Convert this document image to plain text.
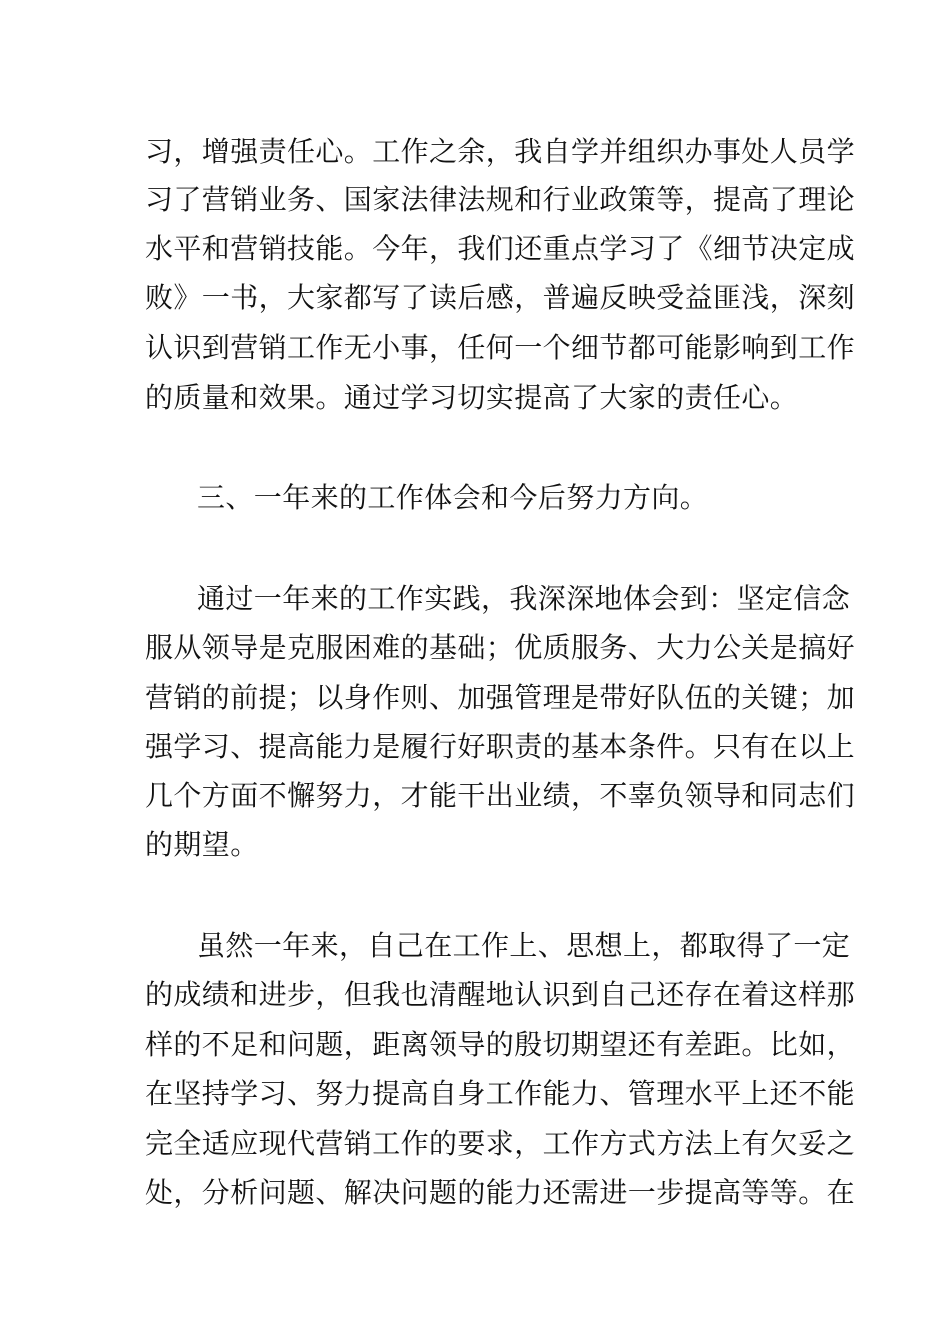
习，增强责任心。工作之余，我自学并组织办事处人员学
习了营销业务、国家法律法规和行业政策等，提高了理论
水平和营销技能。今年，我们还重点学习了《细节决定成
败》一书，大家都写了读后感，普遍反映受益匪浅，深刻
认识到营销工作无小事，任何一个细节都可能影响到工作
的质量和效果。通过学习切实提高了大家的责任心。
三、一年来的工作体会和今后努力方向。
通过一年来的工作实践，我深深地体会到：坚定信念
服从领导是克服困难的基础；优质服务、大力公关是搞好
营销的前提；以身作则、加强管理是带好队伍的关键；加
强学习、提高能力是履行好职责的基本条件。只有在以上
几个方面不懈努力，才能干出业绩，不辜负领导和同志们
的期望。
虽然一年来，自己在工作上、思想上，都取得了一定
的成绩和进步，但我也清醒地认识到自己还存在着这样那
样的不足和问题，距离领导的殷切期望还有差距。比如，
在坚持学习、努力提高自身工作能力、管理水平上还不能
完全适应现代营销工作的要求，工作方式方法上有欠妥之
处，分析问题、解决问题的能力还需进一步提高等等。在
